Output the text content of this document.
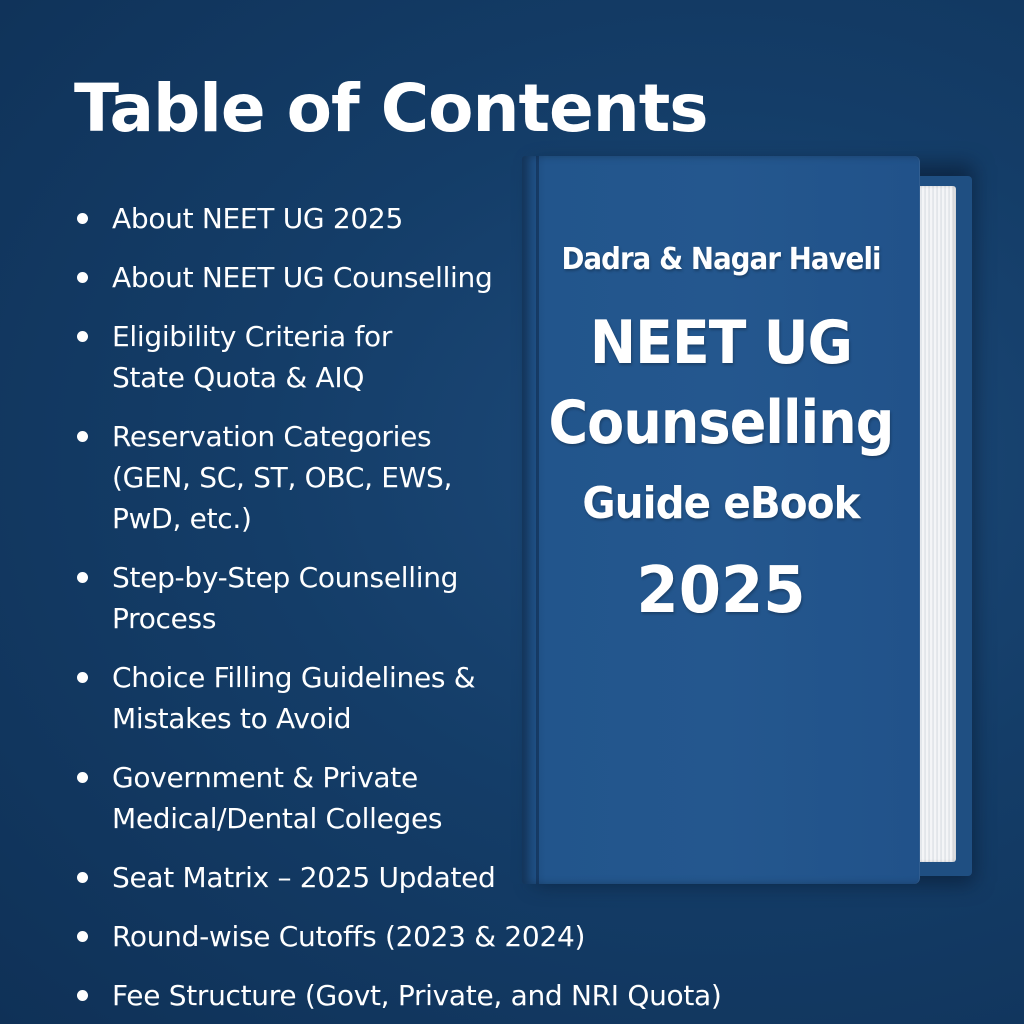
Table of Contents
About NEET UG 2025
About NEET UG Counselling
Eligibility Criteria for
State Quota & AIQ
Reservation Categories
(GEN, SC, ST, OBC, EWS,
PwD, etc.)
Step-by-Step Counselling
Process
Choice Filling Guidelines &
Mistakes to Avoid
Government & Private
Medical/Dental Colleges
Seat Matrix – 2025 Updated
Round-wise Cutoffs (2023 & 2024)
Fee Structure (Govt, Private, and NRI Quota)
Dadra & Nagar Haveli
NEET UG
Counselling
Guide eBook
2025
